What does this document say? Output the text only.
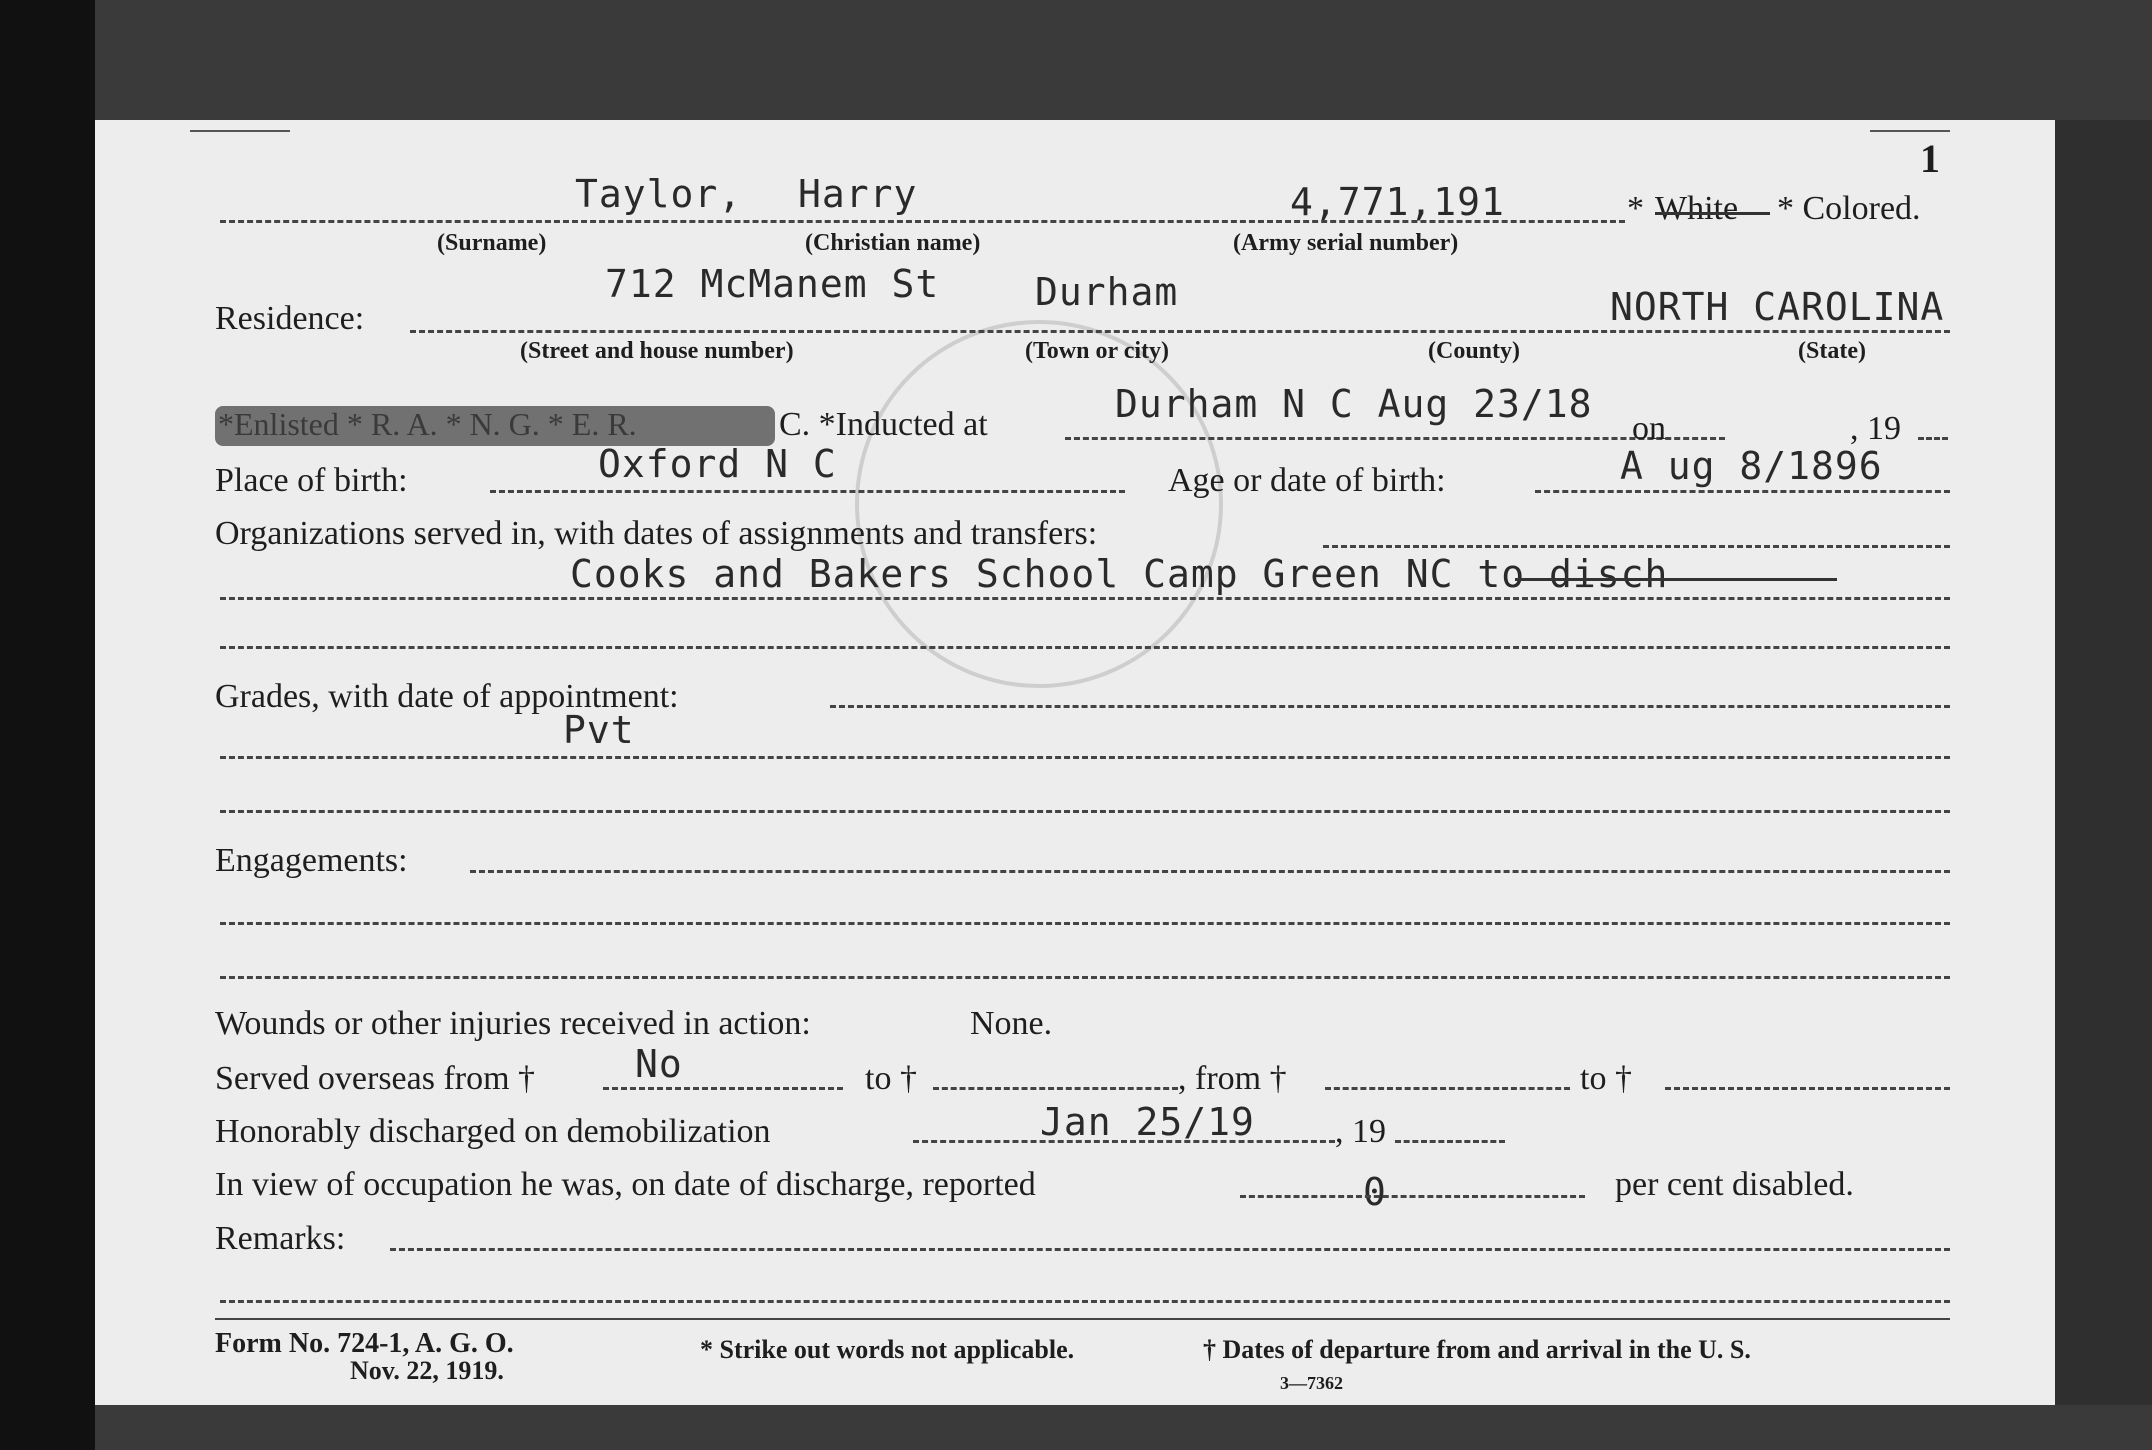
1
Taylor, Harry	4,771,191	* White * Colored.
(Surname)	(Christian name)	(Army serial number)
Residence:
712 McManem St	Durham	NORTH CAROLINA
(Street and house number)	(Town or city)	(County)	(State)
*Enlisted * R. A. * N. G. * E. R.	C. *Inducted at	Durham N C Aug 23/18
on	, 19
Place of birth:	Oxford N C	Age or date of birth:	A ug 8/1896
Organizations served in, with dates of assignments and transfers:
Cooks and Bakers School Camp Green NC to disch
Grades, with date of appointment:
Pvt
Engagements:
Wounds or other injuries received in action:	None.
Served overseas from †	No	to †	, from †	to †
Honorably discharged on demobilization	Jan 25/19 , 19
In view of occupation he was, on date of discharge, reported	0	per cent disabled.
Remarks:
Form No. 724-1, A. G. O.
Nov. 22, 1919.
* Strike out words not applicable.	† Dates of departure from and arrival in the U. S.
3—7362
